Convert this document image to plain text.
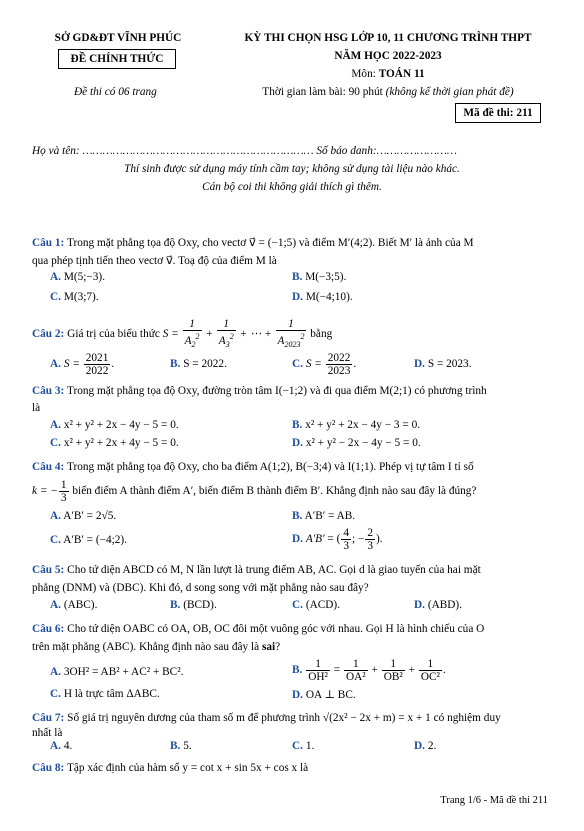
SỞ GD&ĐT VĨNH PHÚC
ĐỀ CHÍNH THỨC
Đề thi có 06 trang
KỲ THI CHỌN HSG LỚP 10, 11 CHƯƠNG TRÌNH THPT
NĂM HỌC 2022-2023
Môn: TOÁN 11
Thời gian làm bài: 90 phút (không kể thời gian phát đề)
Mã đề thi: 211
Họ và tên: …………………………………………………………… Số báo danh:……………………
Thí sinh được sử dụng máy tính cầm tay; không sử dụng tài liệu nào khác.
Cán bộ coi thi không giải thích gì thêm.
Câu 1: Trong mặt phẳng tọa độ Oxy, cho vectơ v⃗ = (−1;5) và điểm M′(4;2). Biết M′ là ảnh của M
qua phép tịnh tiến theo vectơ v⃗. Toạ độ của điểm M là
A. M(5;−3).	B. M(−3;5).
C. M(3;7).	D. M(−4;10).
Câu 2: Giá trị của biểu thức $S = \frac{1}{A_2^2} + \frac{1}{A_3^2}$ + ⋯ + $\frac{1}{A_{2023}^2}$ bằng
A. $S = \frac{2021}{2022}$ .	B. S = 2022.	C. $S = \frac{2022}{2023}$ .	D. S = 2023.
Câu 3: Trong mặt phẳng tọa độ Oxy, đường tròn tâm I(−1;2) và đi qua điểm M(2;1) có phương trình
là
A. x² + y² + 2x − 4y − 5 = 0.	B. x² + y² + 2x − 4y − 3 = 0.
C. x² + y² + 2x + 4y − 5 = 0.	D. x² + y² − 2x − 4y − 5 = 0.
Câu 4: Trong mặt phẳng tọa độ Oxy, cho ba điểm A(1;2), B(−3;4) và I(1;1). Phép vị tự tâm I tỉ số
k = − $\frac{1}{3}$ biến điểm A thành điểm A′, biến điểm B thành điểm B′. Khẳng định nào sau đây là đúng?
A. A′B′ = 2√5.	B. A′B′ = AB.
C. A′B′ = (−4;2).	D. A′B′ = ( $\frac{4}{3}$ ; − $\frac{2}{3}$ ).
Câu 5: Cho tứ diện ABCD có M, N lần lượt là trung điểm AB, AC. Gọi d là giao tuyến của hai mặt
phẳng (DNM) và (DBC). Khi đó, d song song với mặt phẳng nào sau đây?
A. (ABC).	B. (BCD).	C. (ACD).	D. (ABD).
Câu 6: Cho tứ diện OABC có OA, OB, OC đôi một vuông góc với nhau. Gọi H là hình chiếu của O
trên mặt phẳng (ABC). Khẳng định nào sau đây là sai?
A. 3OH² = AB² + AC² + BC².	B. $\frac{1}{\text{OH²}} = \frac{1}{\text{OA²}} + \frac{1}{\text{OB²}} + \frac{1}{\text{OC²}}$ .
C. H là trực tâm ΔABC.	D. OA ⊥ BC.
Câu 7: Số giá trị nguyên dương của tham số m để phương trình √(2x² − 2x + m) = x + 1 có nghiệm duy
nhất là
A. 4.	B. 5.	C. 1.	D. 2.
Câu 8: Tập xác định của hàm số y = cot x + sin 5x + cos x là
Trang 1/6 - Mã đề thi 211
